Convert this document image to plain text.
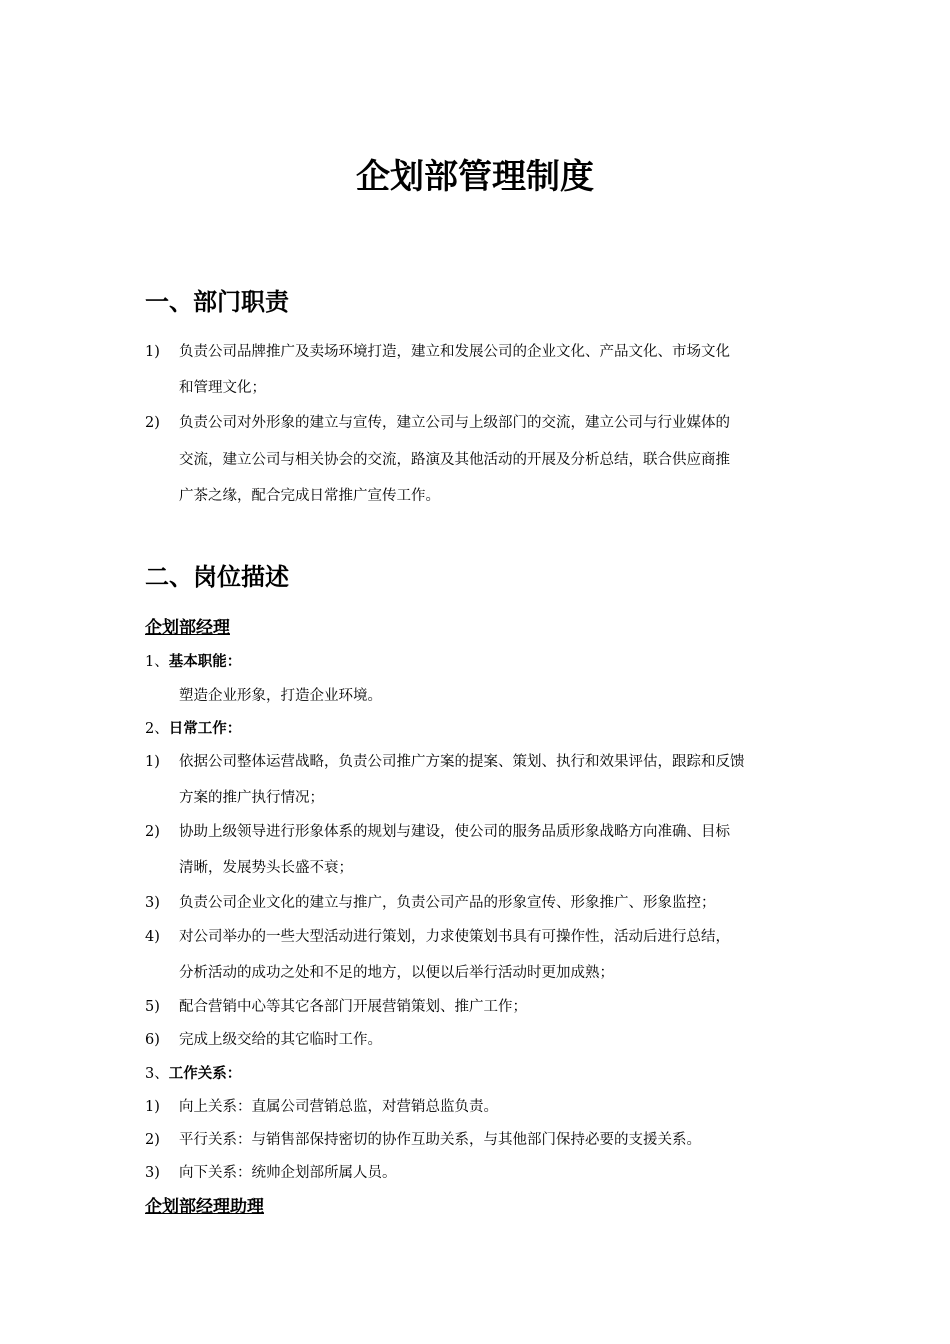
企划部管理制度
一、部门职责
1) 负责公司品牌推广及卖场环境打造，建立和发展公司的企业文化、产品文化、市场文化
和管理文化；
2) 负责公司对外形象的建立与宣传，建立公司与上级部门的交流，建立公司与行业媒体的
交流，建立公司与相关协会的交流，路演及其他活动的开展及分析总结，联合供应商推
广茶之缘，配合完成日常推广宣传工作。
二、岗位描述
企划部经理
1、基本职能：
塑造企业形象，打造企业环境。
2、日常工作：
1) 依据公司整体运营战略，负责公司推广方案的提案、策划、执行和效果评估，跟踪和反馈
方案的推广执行情况；
2) 协助上级领导进行形象体系的规划与建设，使公司的服务品质形象战略方向准确、目标
清晰，发展势头长盛不衰；
3) 负责公司企业文化的建立与推广，负责公司产品的形象宣传、形象推广、形象监控；
4) 对公司举办的一些大型活动进行策划，力求使策划书具有可操作性，活动后进行总结，
分析活动的成功之处和不足的地方，以便以后举行活动时更加成熟；
5) 配合营销中心等其它各部门开展营销策划、推广工作；
6) 完成上级交给的其它临时工作。
3、工作关系：
1) 向上关系：直属公司营销总监，对营销总监负责。
2) 平行关系：与销售部保持密切的协作互助关系，与其他部门保持必要的支援关系。
3) 向下关系：统帅企划部所属人员。
企划部经理助理
